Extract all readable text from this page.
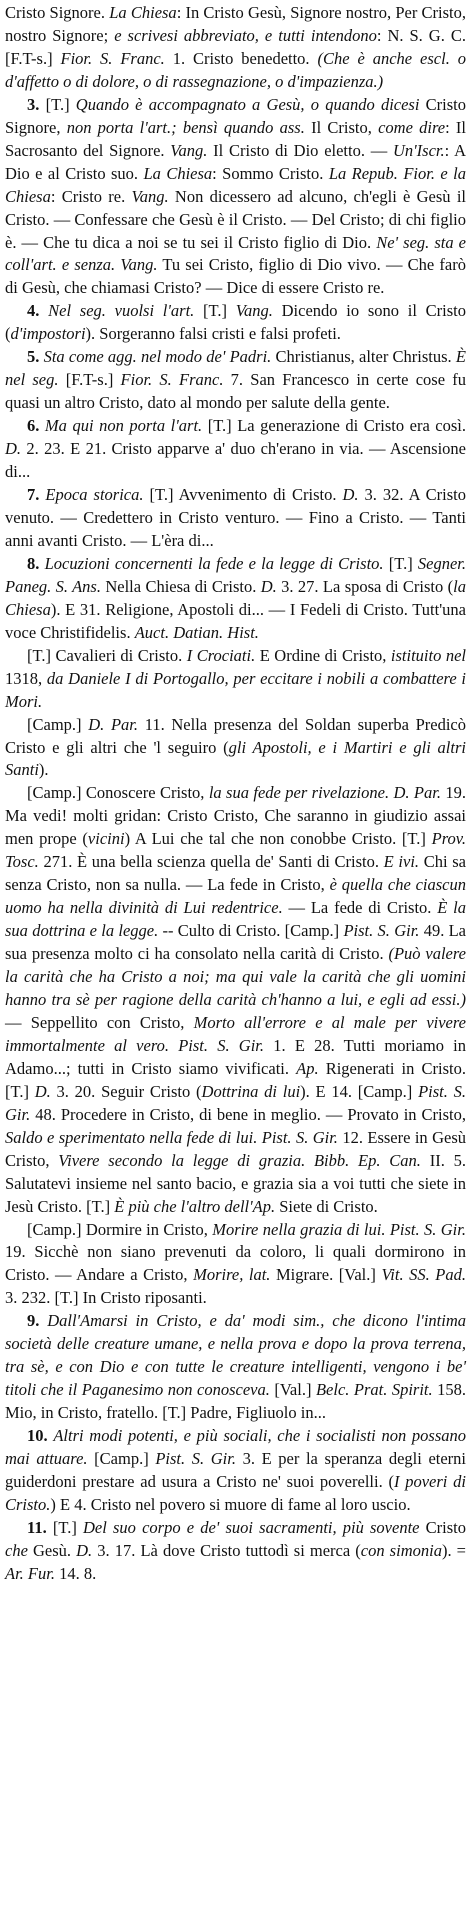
Cristo Signore. La Chiesa: In Cristo Gesù, Signore nostro, Per Cristo, nostro Signore; e scrivesi abbreviato, e tutti intendono: N. S. G. C. [F.T-s.] Fior. S. Franc. 1. Cristo benedetto. (Che è anche escl. o d'affetto o di dolore, o di rassegnazione, o d'impazienza.)

3. [T.] Quando è accompagnato a Gesù, o quando dicesi Cristo Signore, non porta l'art.; bensì quando ass. Il Cristo, come dire: Il Sacrosanto del Signore. Vang. Il Cristo di Dio eletto. — Un'Iscr.: A Dio e al Cristo suo. La Chiesa: Sommo Cristo. La Repub. Fior. e la Chiesa: Cristo re. Vang. Non dicessero ad alcuno, ch'egli è Gesù il Cristo. — Confessare che Gesù è il Cristo. — Del Cristo; di chi figlio è. — Che tu dica a noi se tu sei il Cristo figlio di Dio. Ne' seg. sta e coll'art. e senza. Vang. Tu sei Cristo, figlio di Dio vivo. — Che farò di Gesù, che chiamasi Cristo? — Dice di essere Cristo re.

4. Nel seg. vuolsi l'art. [T.] Vang. Dicendo io sono il Cristo (d'impostori). Sorgeranno falsi cristi e falsi profeti.

5. Sta come agg. nel modo de' Padri. Christianus, alter Christus. È nel seg. [F.T-s.] Fior. S. Franc. 7. San Francesco in certe cose fu quasi un altro Cristo, dato al mondo per salute della gente.

6. Ma qui non porta l'art. [T.] La generazione di Cristo era così. D. 2. 23. E 21. Cristo apparve a' duo ch'erano in via. — Ascensione di...

7. Epoca storica. [T.] Avvenimento di Cristo. D. 3. 32. A Cristo venuto. — Credettero in Cristo venturo. — Fino a Cristo. — Tanti anni avanti Cristo. — L'èra di...

8. Locuzioni concernenti la fede e la legge di Cristo. [T.] Segner. Paneg. S. Ans. Nella Chiesa di Cristo. D. 3. 27. La sposa di Cristo (la Chiesa). E 31. Religione, Apostoli di... — I Fedeli di Cristo. Tutt'una voce Christifidelis. Auct. Datian. Hist.

[T.] Cavalieri di Cristo. I Crociati. E Ordine di Cristo, istituito nel 1318, da Daniele I di Portogallo, per eccitare i nobili a combattere i Mori.

[Camp.] D. Par. 11. Nella presenza del Soldan superba Predicò Cristo e gli altri che 'l seguiro (gli Apostoli, e i Martiri e gli altri Santi).

[Camp.] Conoscere Cristo, la sua fede per rivelazione. D. Par. 19. Ma vedi! molti gridan: Cristo Cristo, Che saranno in giudizio assai men prope (vicini) A Lui che tal che non conobbe Cristo. [T.] Prov. Tosc. 271. È una bella scienza quella de' Santi di Cristo. E ivi. Chi sa senza Cristo, non sa nulla. — La fede in Cristo, è quella che ciascun uomo ha nella divinità di Lui redentrice. — La fede di Cristo. È la sua dottrina e la legge. -- Culto di Cristo. [Camp.] Pist. S. Gir. 49. La sua presenza molto ci ha consolato nella carità di Cristo. (Può valere la carità che ha Cristo a noi; ma qui vale la carità che gli uomini hanno tra sè per ragione della carità ch'hanno a lui, e egli ad essi.) — Seppellito con Cristo, Morto all'errore e al male per vivere immortalmente al vero. Pist. S. Gir. 1. E 28. Tutti moriamo in Adamo...; tutti in Cristo siamo vivificati. Ap. Rigenerati in Cristo. [T.] D. 3. 20. Seguir Cristo (Dottrina di lui). E 14. [Camp.] Pist. S. Gir. 48. Procedere in Cristo, di bene in meglio. — Provato in Cristo, Saldo e sperimentato nella fede di lui. Pist. S. Gir. 12. Essere in Gesù Cristo, Vivere secondo la legge di grazia. Bibb. Ep. Can. II. 5. Salutatevi insieme nel santo bacio, e grazia sia a voi tutti che siete in Jesù Cristo. [T.] È più che l'altro dell'Ap. Siete di Cristo.

[Camp.] Dormire in Cristo, Morire nella grazia di lui. Pist. S. Gir. 19. Sicchè non siano prevenuti da coloro, li quali dormirono in Cristo. — Andare a Cristo, Morire, lat. Migrare. [Val.] Vit. SS. Pad. 3. 232. [T.] In Cristo riposanti.

9. Dall'Amarsi in Cristo, e da' modi sim., che dicono l'intima società delle creature umane, e nella prova e dopo la prova terrena, tra sè, e con Dio e con tutte le creature intelligenti, vengono i be' titoli che il Paganesimo non conosceva. [Val.] Belc. Prat. Spirit. 158. Mio, in Cristo, fratello. [T.] Padre, Figliuolo in...

10. Altri modi potenti, e più sociali, che i socialisti non possano mai attuare. [Camp.] Pist. S. Gir. 3. E per la speranza degli eterni guiderdoni prestare ad usura a Cristo ne' suoi poverelli. (I poveri di Cristo.) E 4. Cristo nel povero si muore di fame al loro uscio.

11. [T.] Del suo corpo e de' suoi sacramenti, più sovente Cristo che Gesù. D. 3. 17. Là dove Cristo tuttodì si merca (con simonia). = Ar. Fur. 14. 8.
